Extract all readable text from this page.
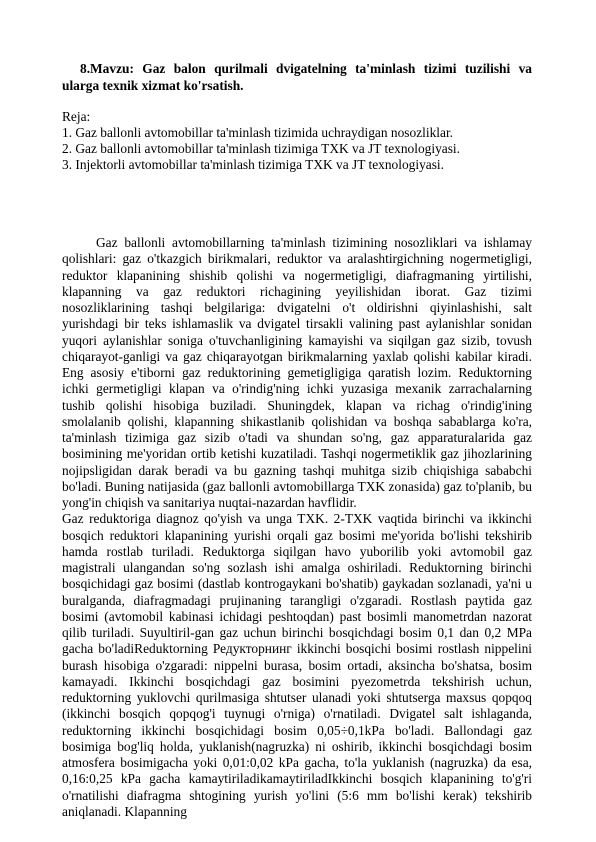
8.Mavzu: Gaz balon qurilmali dvigatelning ta'minlash tizimi tuzilishi va ularga texnik xizmat ko'rsatish.
Reja:
1. Gaz ballonli avtomobillar ta'minlash tizimida uchraydigan nosozliklar.
2. Gaz ballonli avtomobillar ta'minlash tizimiga TXK va JT texnologiyasi.
3. Injektorli avtomobillar ta'minlash tizimiga TXK va JT texnologiyasi.

Gaz ballonli avtomobillarning ta'minlash tizimining nosozliklari va ishlamay qolishlari: gaz o'tkazgich birikmalari, reduktor va aralashtirgichning nogermetigligi, reduktor klapanining shishib qolishi va nogermetigligi, diafragmaning yirtilishi, klapanning va gaz reduktori richagining yeyilishidan iborat. Gaz tizimi nosozliklarining tashqi belgilariga: dvigatelni o't oldirishni qiyinlashishi, salt yurishdagi bir teks ishlamaslik va dvigatel tirsakli valining past aylanishlar sonidan yuqori aylanishlar soniga o'tuvchanligining kamayishi va siqilgan gaz sizib, tovush chiqarayot-ganligi va gaz chiqarayotgan birikmalarning yaxlab qolishi kabilar kiradi. Eng asosiy e'tiborni gaz reduktorining gemetigligiga qaratish lozim. Reduktorning ichki germetigligi klapan va o'rindig'ning ichki yuzasiga mexanik zarrachalarning tushib qolishi hisobiga buziladi. Shuningdek, klapan va richag o'rindig'ining smolalanib qolishi, klapanning shikastlanib qolishidan va boshqa sabablarga ko'ra, ta'minlash tizimiga gaz sizib o'tadi va shundan so'ng, gaz apparaturalarida gaz bosimining me'yoridan ortib ketishi kuzatiladi. Tashqi nogermetiklik gaz jihozlarining nojipsligidan darak beradi va bu gazning tashqi muhitga sizib chiqishiga sababchi bo'ladi. Buning natijasida (gaz ballonli avtomobillarga TXK zonasida) gaz to'planib, bu yong'in chiqish va sanitariya nuqtai-nazardan havflidir.

Gaz reduktoriga diagnoz qo'yish va unga TXK. 2-TXK vaqtida birinchi va ikkinchi bosqich reduktori klapanining yurishi orqali gaz bosimi me'yorida bo'lishi tekshirib hamda rostlab turiladi. Reduktorga siqilgan havo yuborilib yoki avtomobil gaz magistrali ulangandan so'ng sozlash ishi amalga oshiriladi. Reduktorning birinchi bosqichidagi gaz bosimi (dastlab kontrogaykani bo'shatib) gaykadan sozlanadi, ya'ni u buralganda, diafragmadagi prujinaning tarangligi o'zgaradi. Rostlash paytida gaz bosimi (avtomobil kabinasi ichidagi peshtoqdan) past bosimli manometrdan nazorat qilib turiladi. Suyultiril-gan gaz uchun birinchi bosqichdagi bosim 0,1 dan 0,2 MPa gacha bo'ladiReduktorning Редукторнинг ikkinchi bosqichi bosimi rostlash nippelini burash hisobiga o'zgaradi: nippelni burasa, bosim ortadi, aksincha bo'shatsa, bosim kamayadi. Ikkinchi bosqichdagi gaz bosimini pyezometrda tekshirish uchun, reduktorning yuklovchi qurilmasiga shtutser ulanadi yoki shtutserga maxsus qopqoq (ikkinchi bosqich qopqog'i tuynugi o'rniga) o'rnatiladi. Dvigatel salt ishlaganda, reduktorning ikkinchi bosqichidagi bosim 0,05÷0,1kPa bo'ladi. Ballondagi gaz bosimiga bog'liq holda, yuklanish(nagruzka) ni oshirib, ikkinchi bosqichdagi bosim atmosfera bosimigacha yoki 0,01:0,02 kPa gacha, to'la yuklanish (nagruzka) da esa, 0,16:0,25 kPa gacha kamaytiriladikamaytiriladIkkinchi bosqich klapanining to'g'ri o'rnatilishi diafragma shtogining yurish yo'lini (5:6 mm bo'lishi kerak) tekshirib aniqlanadi. Klapanning
